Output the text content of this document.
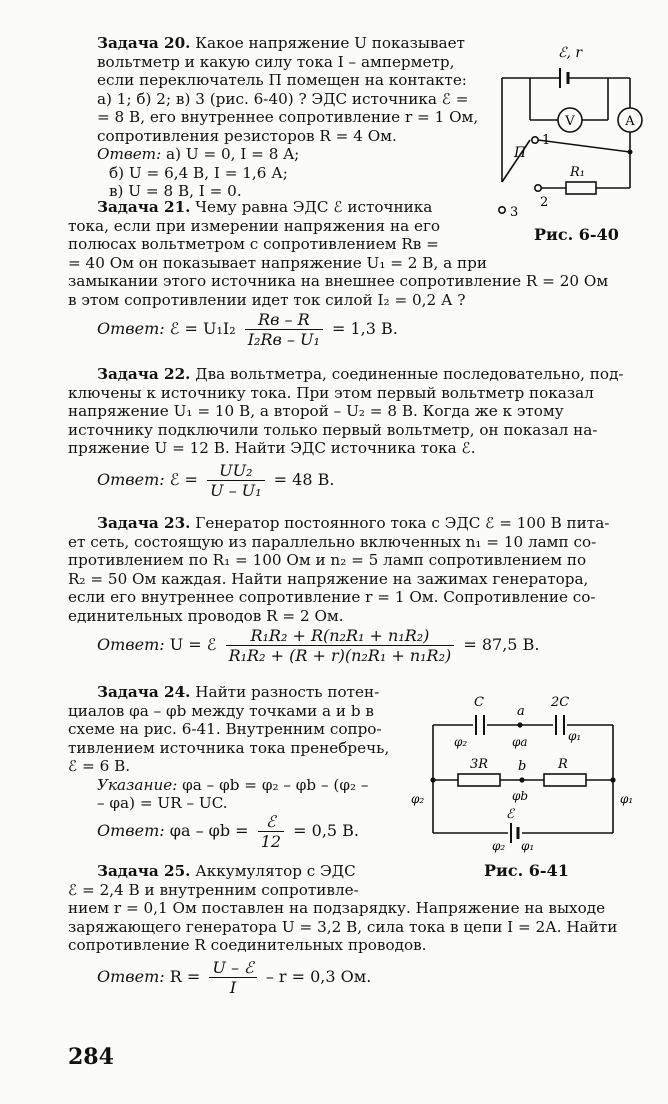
Задача 20. Какое напряжение U показывает
вольтметр и какую силу тока I – амперметр,
если переключатель П помещен на контакте:
а) 1; б) 2; в) 3 (рис. 6-40) ? ЭДС источника ℰ =
= 8 В, его внутреннее сопротивление r = 1 Ом,
сопротивления резисторов R = 4 Ом.
Ответ: а) U = 0, I = 8 A;
б) U = 6,4 В, I = 1,6 А;
в) U = 8 В, I = 0.
ℰ, r
V	A
П
1
2
3
R₁
Рис. 6-40
Задача 21. Чему равна ЭДС ℰ источника
тока, если при измерении напряжения на его
полюсах вольтметром с сопротивлением Rв =
= 40 Ом он показывает напряжение U₁ = 2 В, а при
замыкании этого источника на внешнее сопротивление R = 20 Ом
в этом сопротивлении идет ток силой I₂ = 0,2 А ?
Ответ: ℰ = $U_1I_2 \frac{Rв - R}{\text{I₂Rв – U₁}} = 1,3$ В.
Задача 22. Два вольтметра, соединенные последовательно, под-
ключены к источнику тока. При этом первый вольтметр показал
напряжение U₁ = 10 В, а второй – U₂ = 8 В. Когда же к этому
источнику подключили только первый вольтметр, он показал на-
пряжение U = 12 В. Найти ЭДС источника тока ℰ.
Ответ: ℰ = $\frac{\text{UU₂}}{\text{U – U₁}} = 48$ В.
Задача 23. Генератор постоянного тока с ЭДС ℰ = 100 В пита-
ет сеть, состоящую из параллельно включенных n₁ = 10 ламп со-
противлением по R₁ = 100 Ом и n₂ = 5 ламп сопротивлением по
R₂ = 50 Ом каждая. Найти напряжение на зажимах генератора,
если его внутреннее сопротивление r = 1 Ом. Сопротивление со-
единительных проводов R = 2 Ом.
Ответ: U = ℰ $\frac{\text{R₁R₂ + R(n₂R₁ + n₁R₂)}}{\text{R₁R₂ + (R + r)(n₂R₁ + n₁R₂)}} = 87,5$ В.
Задача 24. Найти разность потен-
циалов φa – φb между точками a и b в
схеме на рис. 6-41. Внутренним сопро-
тивлением источника тока пренебречь,
ℰ = 6 В.
Указание: φa – φb = φ₂ – φb – (φ₂ –
– φa) = UR – UC.
Ответ: $\varphi a - \varphi b = \frac{\text{ℰ}}{12} = 0,5$ В.
C	2C
a
φ₂	φa	φ₁
3R b R
φb
φ₂	φ₁
ℰ
φ₂ φ₁
Рис. 6-41
Задача 25. Аккумулятор с ЭДС
ℰ = 2,4 В и внутренним сопротивле-
нием r = 0,1 Ом поставлен на подзарядку. Напряжение на выходе
заряжающего генератора U = 3,2 В, сила тока в цепи I = 2А. Найти
сопротивление R соединительных проводов.
Ответ: $R = \frac{\text{U – ℰ}}{I} - r = 0,3$ Ом.
284
